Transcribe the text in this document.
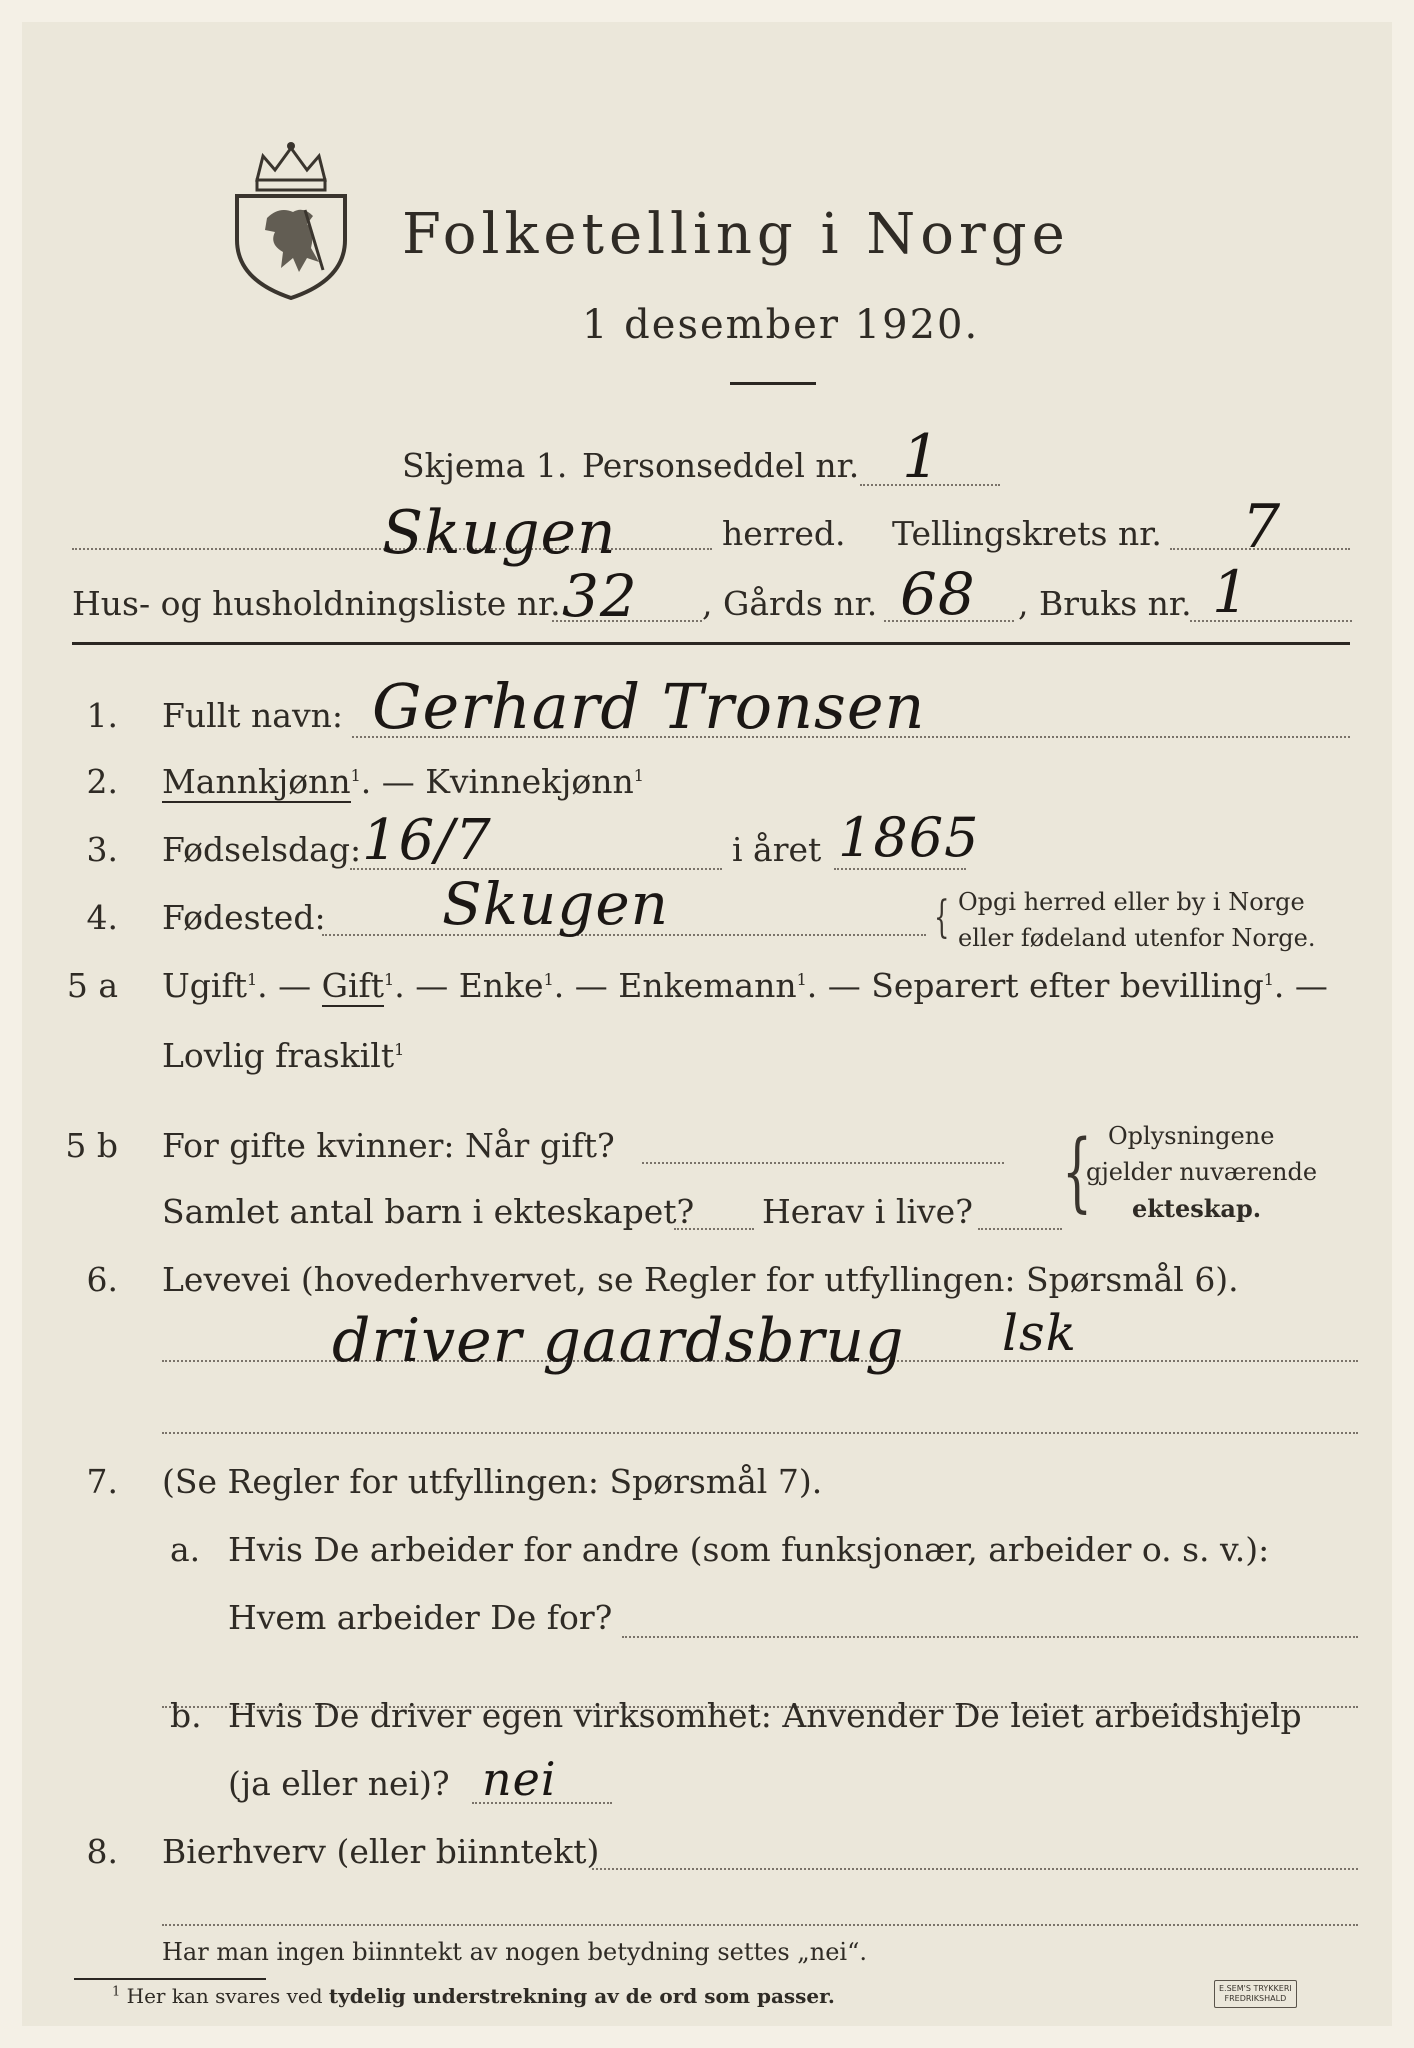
Folketelling i Norge
1 desember 1920.
Skjema 1. Personseddel nr. 1
Skugen	herred. Tellingskrets nr. 7
Hus- og husholdningsliste nr. 32 , Gårds nr. 68 , Bruks nr. 1
1. Fullt navn: Gerhard Tronsen
2. Mannkjønn$^1$. — Kvinnekjønn$^1$
3. Fødselsdag: 16/7	i året 1865
4. Fødested: Skugen	{ Opgi herred eller by i Norge
eller fødeland utenfor Norge.
5 a Ugift$^1$. — Gift$^1$. — Enke$^1$. — Enkemann$^1$. — Separert efter bevilling$^1$. —
Lovlig fraskilt$^1$
5 b For gifte kvinner: Når gift?
Samlet antal barn i ekteskapet? Herav i live? { Oplysningene
gjelder nuværende
ekteskap.
6. Levevei (hovederhvervet, se Regler for utfyllingen: Spørsmål 6).
driver gaardsbrug lsk
7. (Se Regler for utfyllingen: Spørsmål 7).
a. Hvis De arbeider for andre (som funksjonær, arbeider o. s. v.):
Hvem arbeider De for?
b. Hvis De driver egen virksomhet: Anvender De leiet arbeidshjelp
(ja eller nei)? nei
8. Bierhverv (eller biinntekt)
Har man ingen biinntekt av nogen betydning settes „nei“.
$^1$ Her kan svares ved tydelig understrekning av de ord som passer.	E.SEM'S TRYKKERI
FREDRIKSHALD
